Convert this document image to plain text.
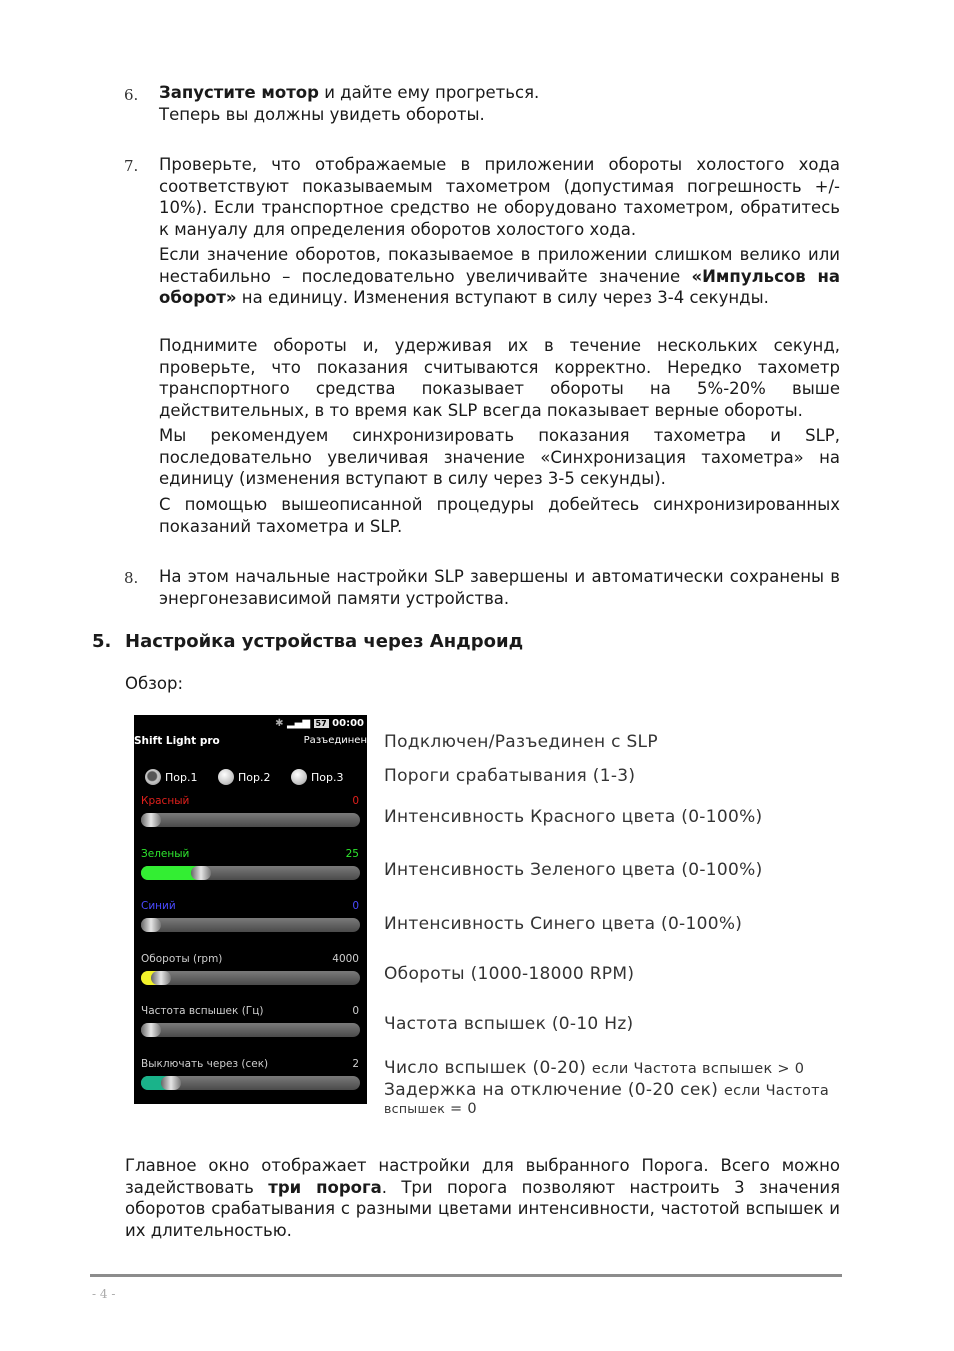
6. Запустите мотор и дайте ему прогреться.
Теперь вы должны увидеть обороты.
7. Проверьте, что отображаемые в приложении обороты холостого хода соответствуют показываемым тахометром (допустимая погрешность +/- 10%). Если транспортное средство не оборудовано тахометром, обратитесь к мануалу для определения оборотов холостого хода.
Если значение оборотов, показываемое в приложении слишком велико или нестабильно – последовательно увеличивайте значение «Импульсов на оборот» на единицу. Изменения вступают в силу через 3-4 секунды.
Поднимите обороты и, удерживая их в течение нескольких секунд, проверьте, что показания считываются корректно. Нередко тахометр транспортного средства показывает обороты на 5%-20% выше действительных, в то время как SLP всегда показывает верные обороты.
Мы рекомендуем синхронизировать показания тахометра и SLP, последовательно увеличивая значение «Синхронизация тахометра» на единицу (изменения вступают в силу через 3-5 секунды).
С помощью вышеописанной процедуры добейтесь синхронизированных показаний тахометра и SLP.
8. На этом начальные настройки SLP завершены и автоматически сохранены в энергонезависимой памяти устройства.
5. Настройка устройства через Андроид
Обзор:
✱ ▂▄▆ 57 00:00
Shift Light pro	Разъединен
Пор.1	Пор.2	Пор.3
Красный	0
Зеленый	25
Синий	0
Обороты (rpm)	4000
Частота вспышек (Гц)	0
Выключать через (сек)	2
Подключен/Разъединен с SLP
Пороги срабатывания (1-3)
Интенсивность Красного цвета (0-100%)
Интенсивность Зеленого цвета (0-100%)
Интенсивность Синего цвета (0-100%)
Обороты (1000-18000 RPM)
Частота вспышек (0-10 Hz)
Число вспышек (0-20) если Частота вспышек > 0
Задержка на отключение (0-20 сек) если Частота
вспышек = 0
Главное окно отображает настройки для выбранного Порога. Всего можно задействовать три порога. Три порога позволяют настроить 3 значения оборотов срабатывания с разными цветами интенсивности, частотой вспышек и их длительностью.
- 4 -
